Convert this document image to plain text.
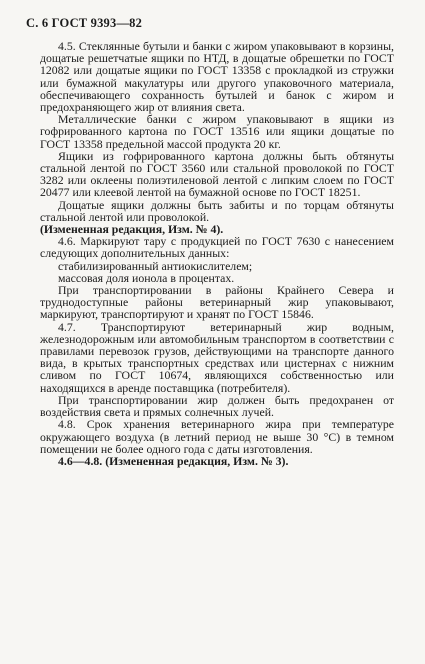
С. 6 ГОСТ 9393—82

4.5. Стеклянные бутыли и банки с жиром упаковывают в корзины, дощатые решетчатые ящики по НТД, в дощатые обрешетки по ГОСТ 12082 или дощатые ящики по ГОСТ 13358 с прокладкой из стружки или бумажной макулатуры или другого упаковочного материала, обеспечивающего сохранность бутылей и банок с жиром и предохраняющего жир от влияния света.

Металлические банки с жиром упаковывают в ящики из гофрированного картона по ГОСТ 13516 или ящики дощатые по ГОСТ 13358 предельной массой продукта 20 кг.

Ящики из гофрированного картона должны быть обтянуты стальной лентой по ГОСТ 3560 или стальной проволокой по ГОСТ 3282 или оклеены полиэтиленовой лентой с липким слоем по ГОСТ 20477 или клеевой лентой на бумажной основе по ГОСТ 18251.

Дощатые ящики должны быть забиты и по торцам обтянуты стальной лентой или проволокой.

(Измененная редакция, Изм. № 4).

4.6. Маркируют тару с продукцией по ГОСТ 7630 с нанесением следующих дополнительных данных:

стабилизированный антиокислителем;

массовая доля ионола в процентах.

При транспортировании в районы Крайнего Севера и труднодоступные районы ветеринарный жир упаковывают, маркируют, транспортируют и хранят по ГОСТ 15846.

4.7. Транспортируют ветеринарный жир водным, железнодорожным или автомобильным транспортом в соответствии с правилами перевозок грузов, действующими на транспорте данного вида, в крытых транспортных средствах или цистернах с нижним сливом по ГОСТ 10674, являющихся собственностью или находящихся в аренде поставщика (потребителя).

При транспортировании жир должен быть предохранен от воздействия света и прямых солнечных лучей.

4.8. Срок хранения ветеринарного жира при температуре окружающего воздуха (в летний период не выше 30 °С) в темном помещении не более одного года с даты изготовления.

4.6—4.8. (Измененная редакция, Изм. № 3).
